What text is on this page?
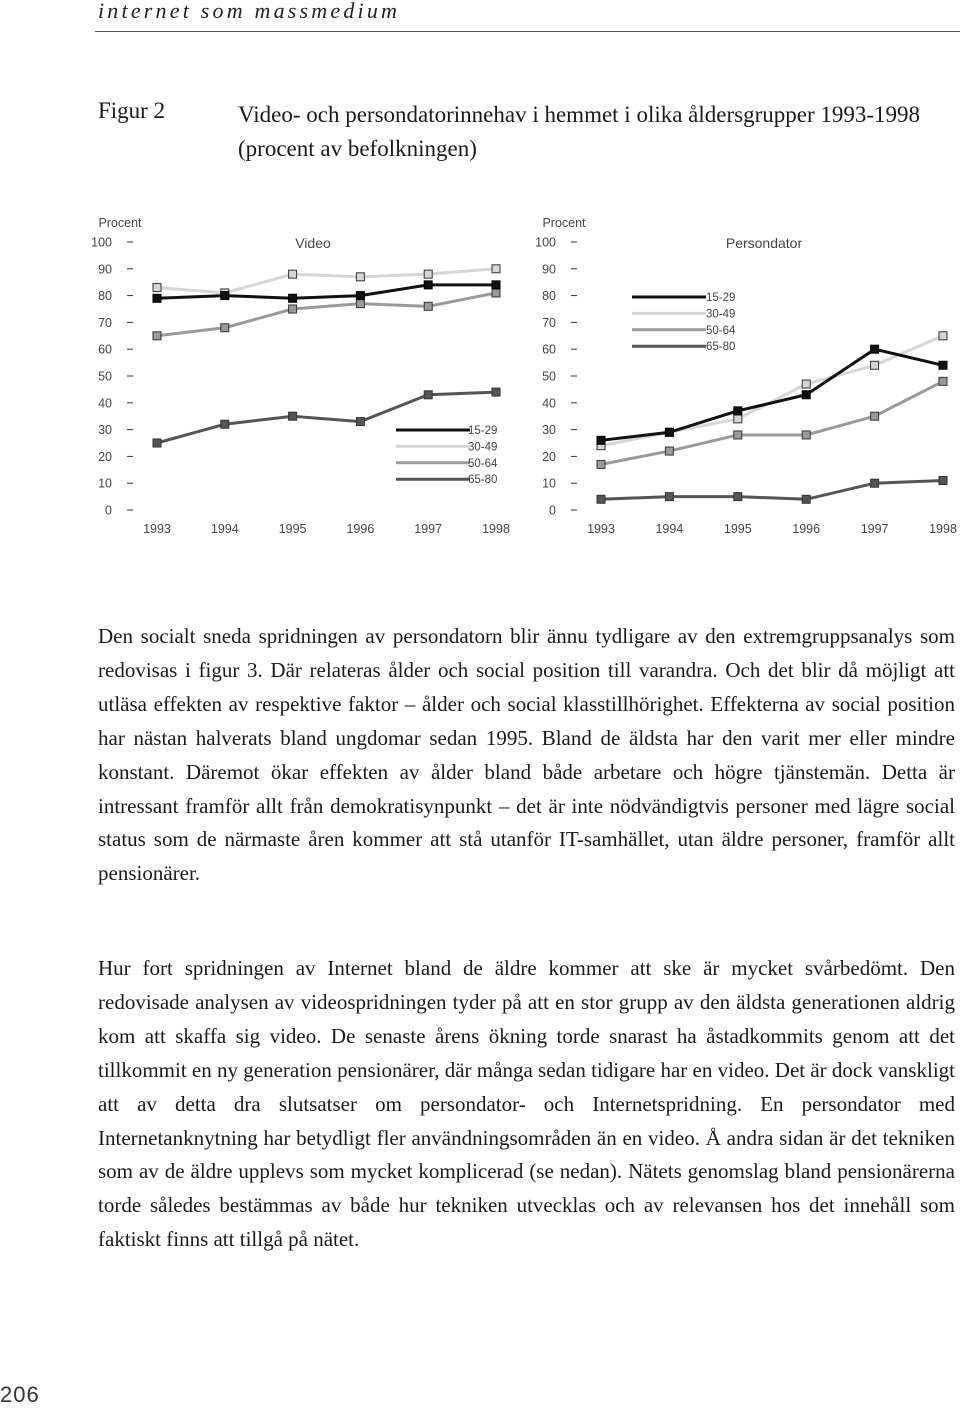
internet som massmedium
Figur 2	Video- och persondatorinnehav i hemmet i olika åldersgrupper 1993-1998 (procent av befolkningen)
Procent
Video
0
10
20
30
40
50
60
70
80
90
100
1993	1994	1995	1996	1997	1998
15-29
30-49
50-64
65-80
Procent
Persondator
0
10
20
30
40
50
60
70
80
90
100
1993	1994	1995	1996	1997	1998
15-29
30-49
50-64
65-80

Den socialt sneda spridningen av persondatorn blir ännu tydligare av den extremgruppsanalys som redovisas i figur 3. Där relateras ålder och social position till varandra. Och det blir då möjligt att utläsa effekten av respektive faktor – ålder och social klasstillhörighet. Effekterna av social position har nästan halverats bland ungdomar sedan 1995. Bland de äldsta har den varit mer eller mindre konstant. Däremot ökar effekten av ålder bland både arbetare och högre tjänstemän. Detta är intressant framför allt från demokratisynpunkt – det är inte nödvändigtvis personer med lägre social status som de närmaste åren kommer att stå utanför IT-samhället, utan äldre personer, framför allt pensionärer.

Hur fort spridningen av Internet bland de äldre kommer att ske är mycket svårbedömt. Den redovisade analysen av videospridningen tyder på att en stor grupp av den äldsta generationen aldrig kom att skaffa sig video. De senaste årens ökning torde snarast ha åstadkommits genom att det tillkommit en ny generation pensionärer, där många sedan tidigare har en video. Det är dock vanskligt att av detta dra slutsatser om persondator- och Internetspridning. En persondator med Internetanknytning har betydligt fler användningsområden än en video. Å andra sidan är det tekniken som av de äldre upplevs som mycket komplicerad (se nedan). Nätets genomslag bland pensionärerna torde således bestämmas av både hur tekniken utvecklas och av relevansen hos det innehåll som faktiskt finns att tillgå på nätet.

206
